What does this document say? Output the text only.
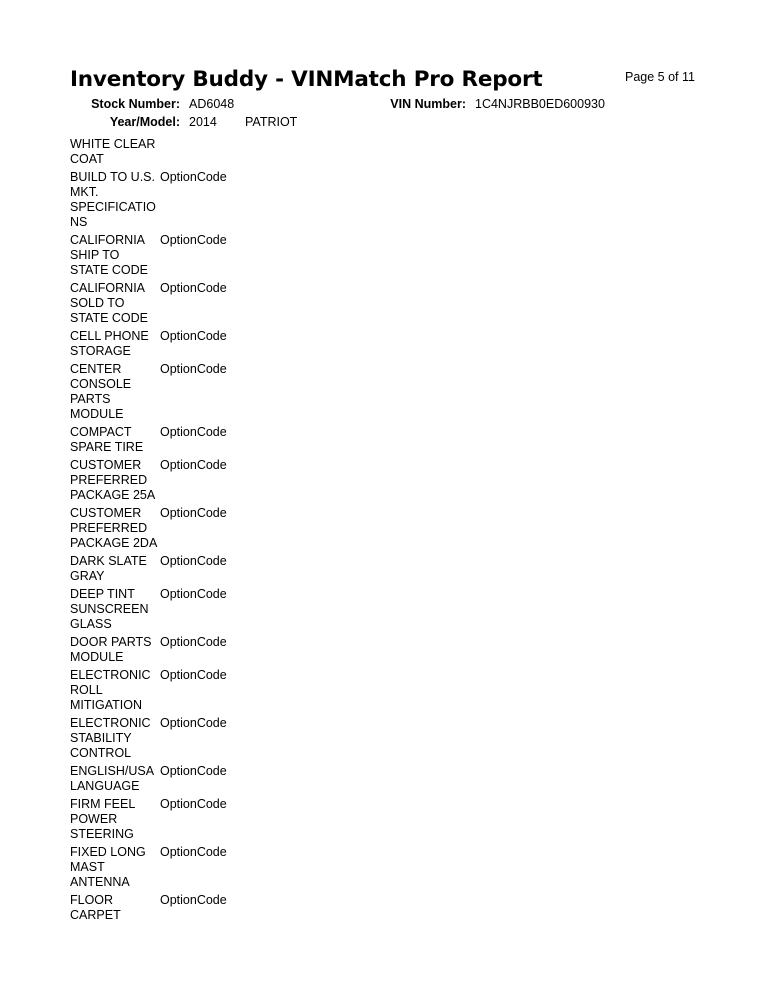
Inventory Buddy - VINMatch Pro Report	Page 5 of 11
Stock Number: AD6048	VIN Number: 1C4NJRBB0ED600930
Year/Model: 2014 PATRIOT
WHITE CLEAR
COAT
BUILD TO U.S.
MKT.
SPECIFICATIO
NS
OptionCode
CALIFORNIA
SHIP TO
STATE CODE
OptionCode
CALIFORNIA
SOLD TO
STATE CODE
OptionCode
CELL PHONE
STORAGE
OptionCode
CENTER
CONSOLE
PARTS
MODULE
OptionCode
COMPACT
SPARE TIRE
OptionCode
CUSTOMER
PREFERRED
PACKAGE 25A
OptionCode
CUSTOMER
PREFERRED
PACKAGE 2DA
OptionCode
DARK SLATE
GRAY
OptionCode
DEEP TINT
SUNSCREEN
GLASS
OptionCode
DOOR PARTS
MODULE
OptionCode
ELECTRONIC
ROLL
MITIGATION
OptionCode
ELECTRONIC
STABILITY
CONTROL
OptionCode
ENGLISH/USA
LANGUAGE
OptionCode
FIRM FEEL
POWER
STEERING
OptionCode
FIXED LONG
MAST
ANTENNA
OptionCode
FLOOR
CARPET
OptionCode
